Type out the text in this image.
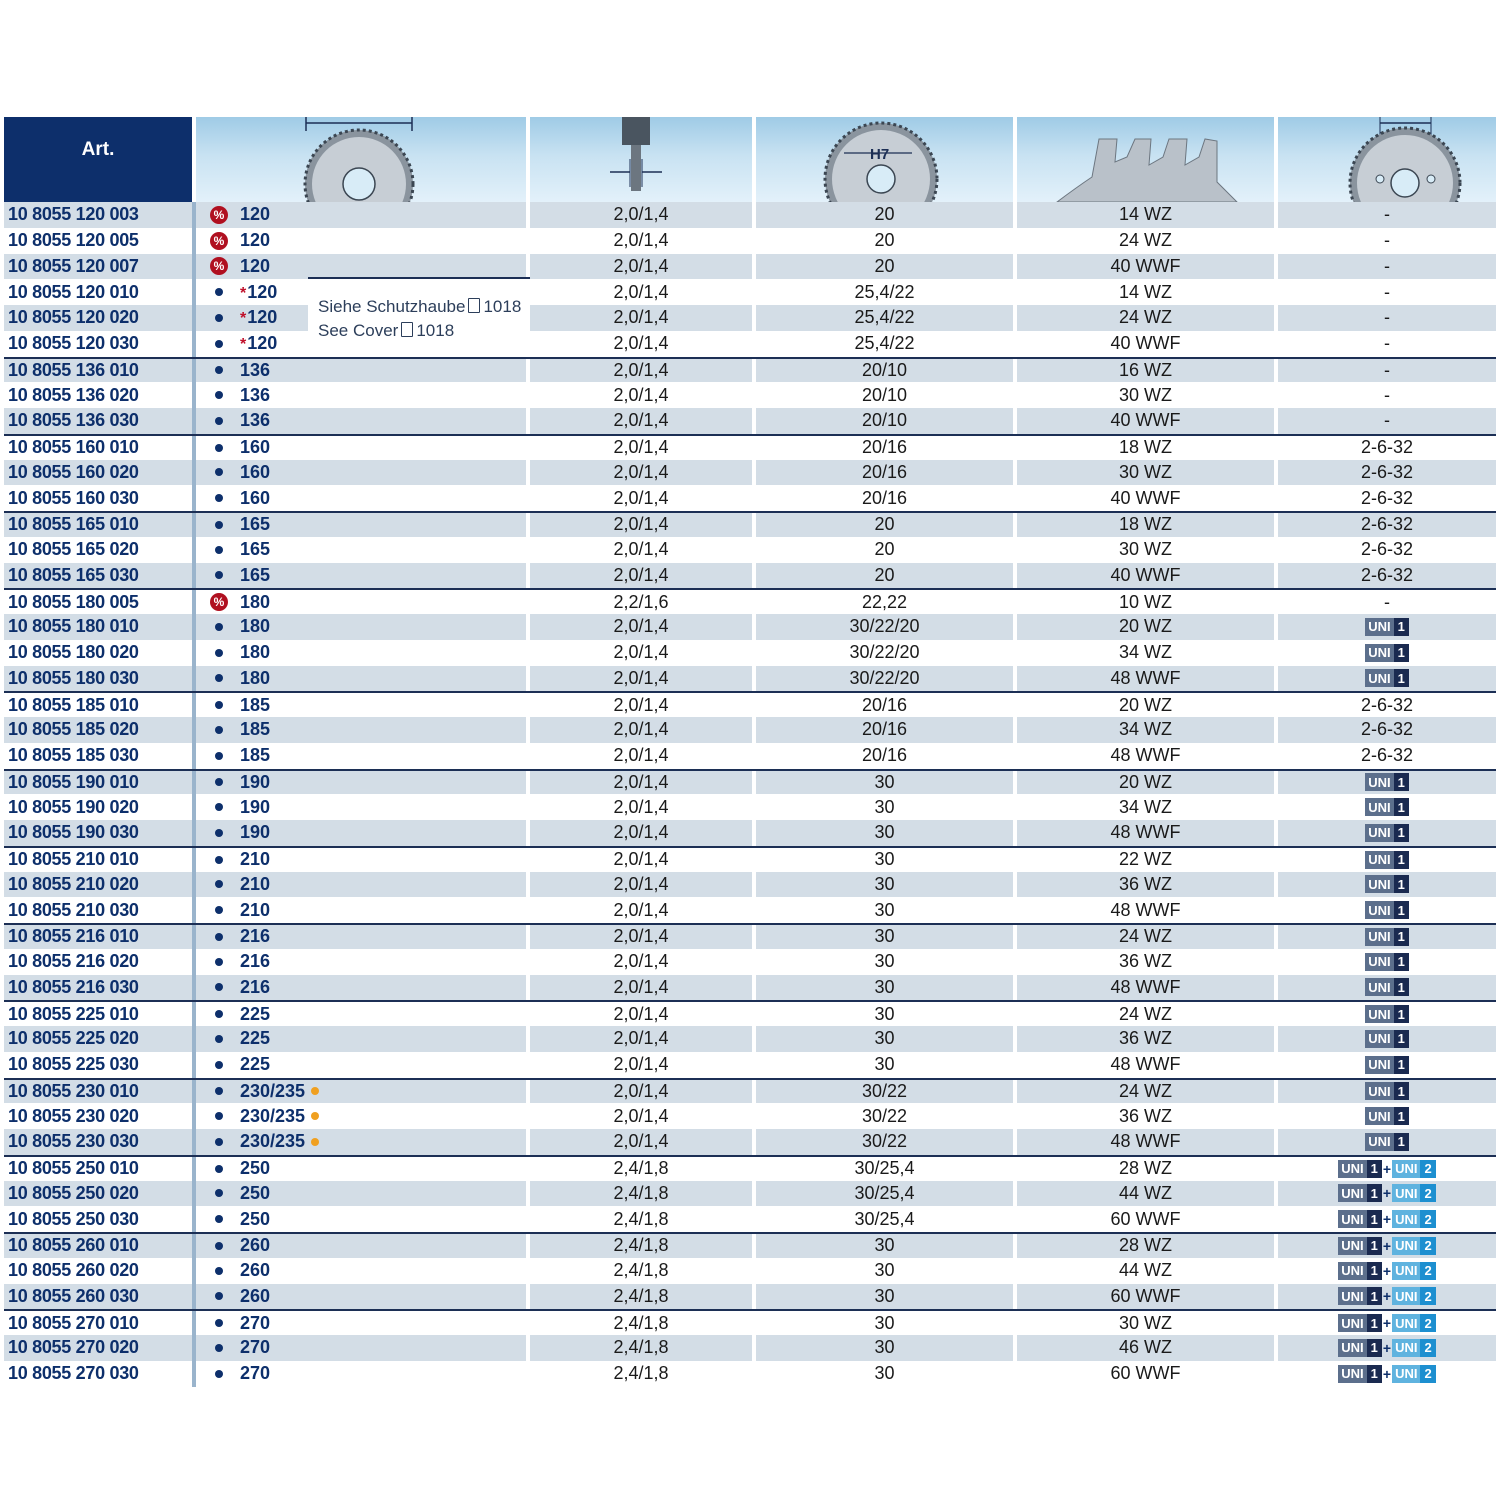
Art.	H7
10 8055 120 003	% 120	2,0/1,4	20	14 WZ	-
10 8055 120 005	% 120	2,0/1,4	20	24 WZ	-
10 8055 120 007	% 120	2,0/1,4	20	40 WWF	-
10 8055 120 010	*120	2,0/1,4	25,4/22	14 WZ	-
10 8055 120 020	*120	2,0/1,4	25,4/22	24 WZ	-
10 8055 120 030	*120	2,0/1,4	25,4/22	40 WWF	-
10 8055 136 010	136	2,0/1,4	20/10	16 WZ	-
10 8055 136 020	136	2,0/1,4	20/10	30 WZ	-
10 8055 136 030	136	2,0/1,4	20/10	40 WWF	-
10 8055 160 010	160	2,0/1,4	20/16	18 WZ	2-6-32
10 8055 160 020	160	2,0/1,4	20/16	30 WZ	2-6-32
10 8055 160 030	160	2,0/1,4	20/16	40 WWF	2-6-32
10 8055 165 010	165	2,0/1,4	20	18 WZ	2-6-32
10 8055 165 020	165	2,0/1,4	20	30 WZ	2-6-32
10 8055 165 030	165	2,0/1,4	20	40 WWF	2-6-32
10 8055 180 005	% 180	2,2/1,6	22,22	10 WZ	-
10 8055 180 010	180	2,0/1,4	30/22/20	20 WZ	UNI 1
10 8055 180 020	180	2,0/1,4	30/22/20	34 WZ	UNI 1
10 8055 180 030	180	2,0/1,4	30/22/20	48 WWF	UNI 1
10 8055 185 010	185	2,0/1,4	20/16	20 WZ	2-6-32
10 8055 185 020	185	2,0/1,4	20/16	34 WZ	2-6-32
10 8055 185 030	185	2,0/1,4	20/16	48 WWF	2-6-32
10 8055 190 010	190	2,0/1,4	30	20 WZ	UNI 1
10 8055 190 020	190	2,0/1,4	30	34 WZ	UNI 1
10 8055 190 030	190	2,0/1,4	30	48 WWF	UNI 1
10 8055 210 010	210	2,0/1,4	30	22 WZ	UNI 1
10 8055 210 020	210	2,0/1,4	30	36 WZ	UNI 1
10 8055 210 030	210	2,0/1,4	30	48 WWF	UNI 1
10 8055 216 010	216	2,0/1,4	30	24 WZ	UNI 1
10 8055 216 020	216	2,0/1,4	30	36 WZ	UNI 1
10 8055 216 030	216	2,0/1,4	30	48 WWF	UNI 1
10 8055 225 010	225	2,0/1,4	30	24 WZ	UNI 1
10 8055 225 020	225	2,0/1,4	30	36 WZ	UNI 1
10 8055 225 030	225	2,0/1,4	30	48 WWF	UNI 1
10 8055 230 010	230/235	2,0/1,4	30/22	24 WZ	UNI 1
10 8055 230 020	230/235	2,0/1,4	30/22	36 WZ	UNI 1
10 8055 230 030	230/235	2,0/1,4	30/22	48 WWF	UNI 1
10 8055 250 010	250	2,4/1,8	30/25,4	28 WZ	UNI 1 + UNI 2
10 8055 250 020	250	2,4/1,8	30/25,4	44 WZ	UNI 1 + UNI 2
10 8055 250 030	250	2,4/1,8	30/25,4	60 WWF	UNI 1 + UNI 2
10 8055 260 010	260	2,4/1,8	30	28 WZ	UNI 1 + UNI 2
10 8055 260 020	260	2,4/1,8	30	44 WZ	UNI 1 + UNI 2
10 8055 260 030	260	2,4/1,8	30	60 WWF	UNI 1 + UNI 2
10 8055 270 010	270	2,4/1,8	30	30 WZ	UNI 1 + UNI 2
10 8055 270 020	270	2,4/1,8	30	46 WZ	UNI 1 + UNI 2
10 8055 270 030	270	2,4/1,8	30	60 WWF	UNI 1 + UNI 2
Siehe Schutzhaube 1018
See Cover 1018
